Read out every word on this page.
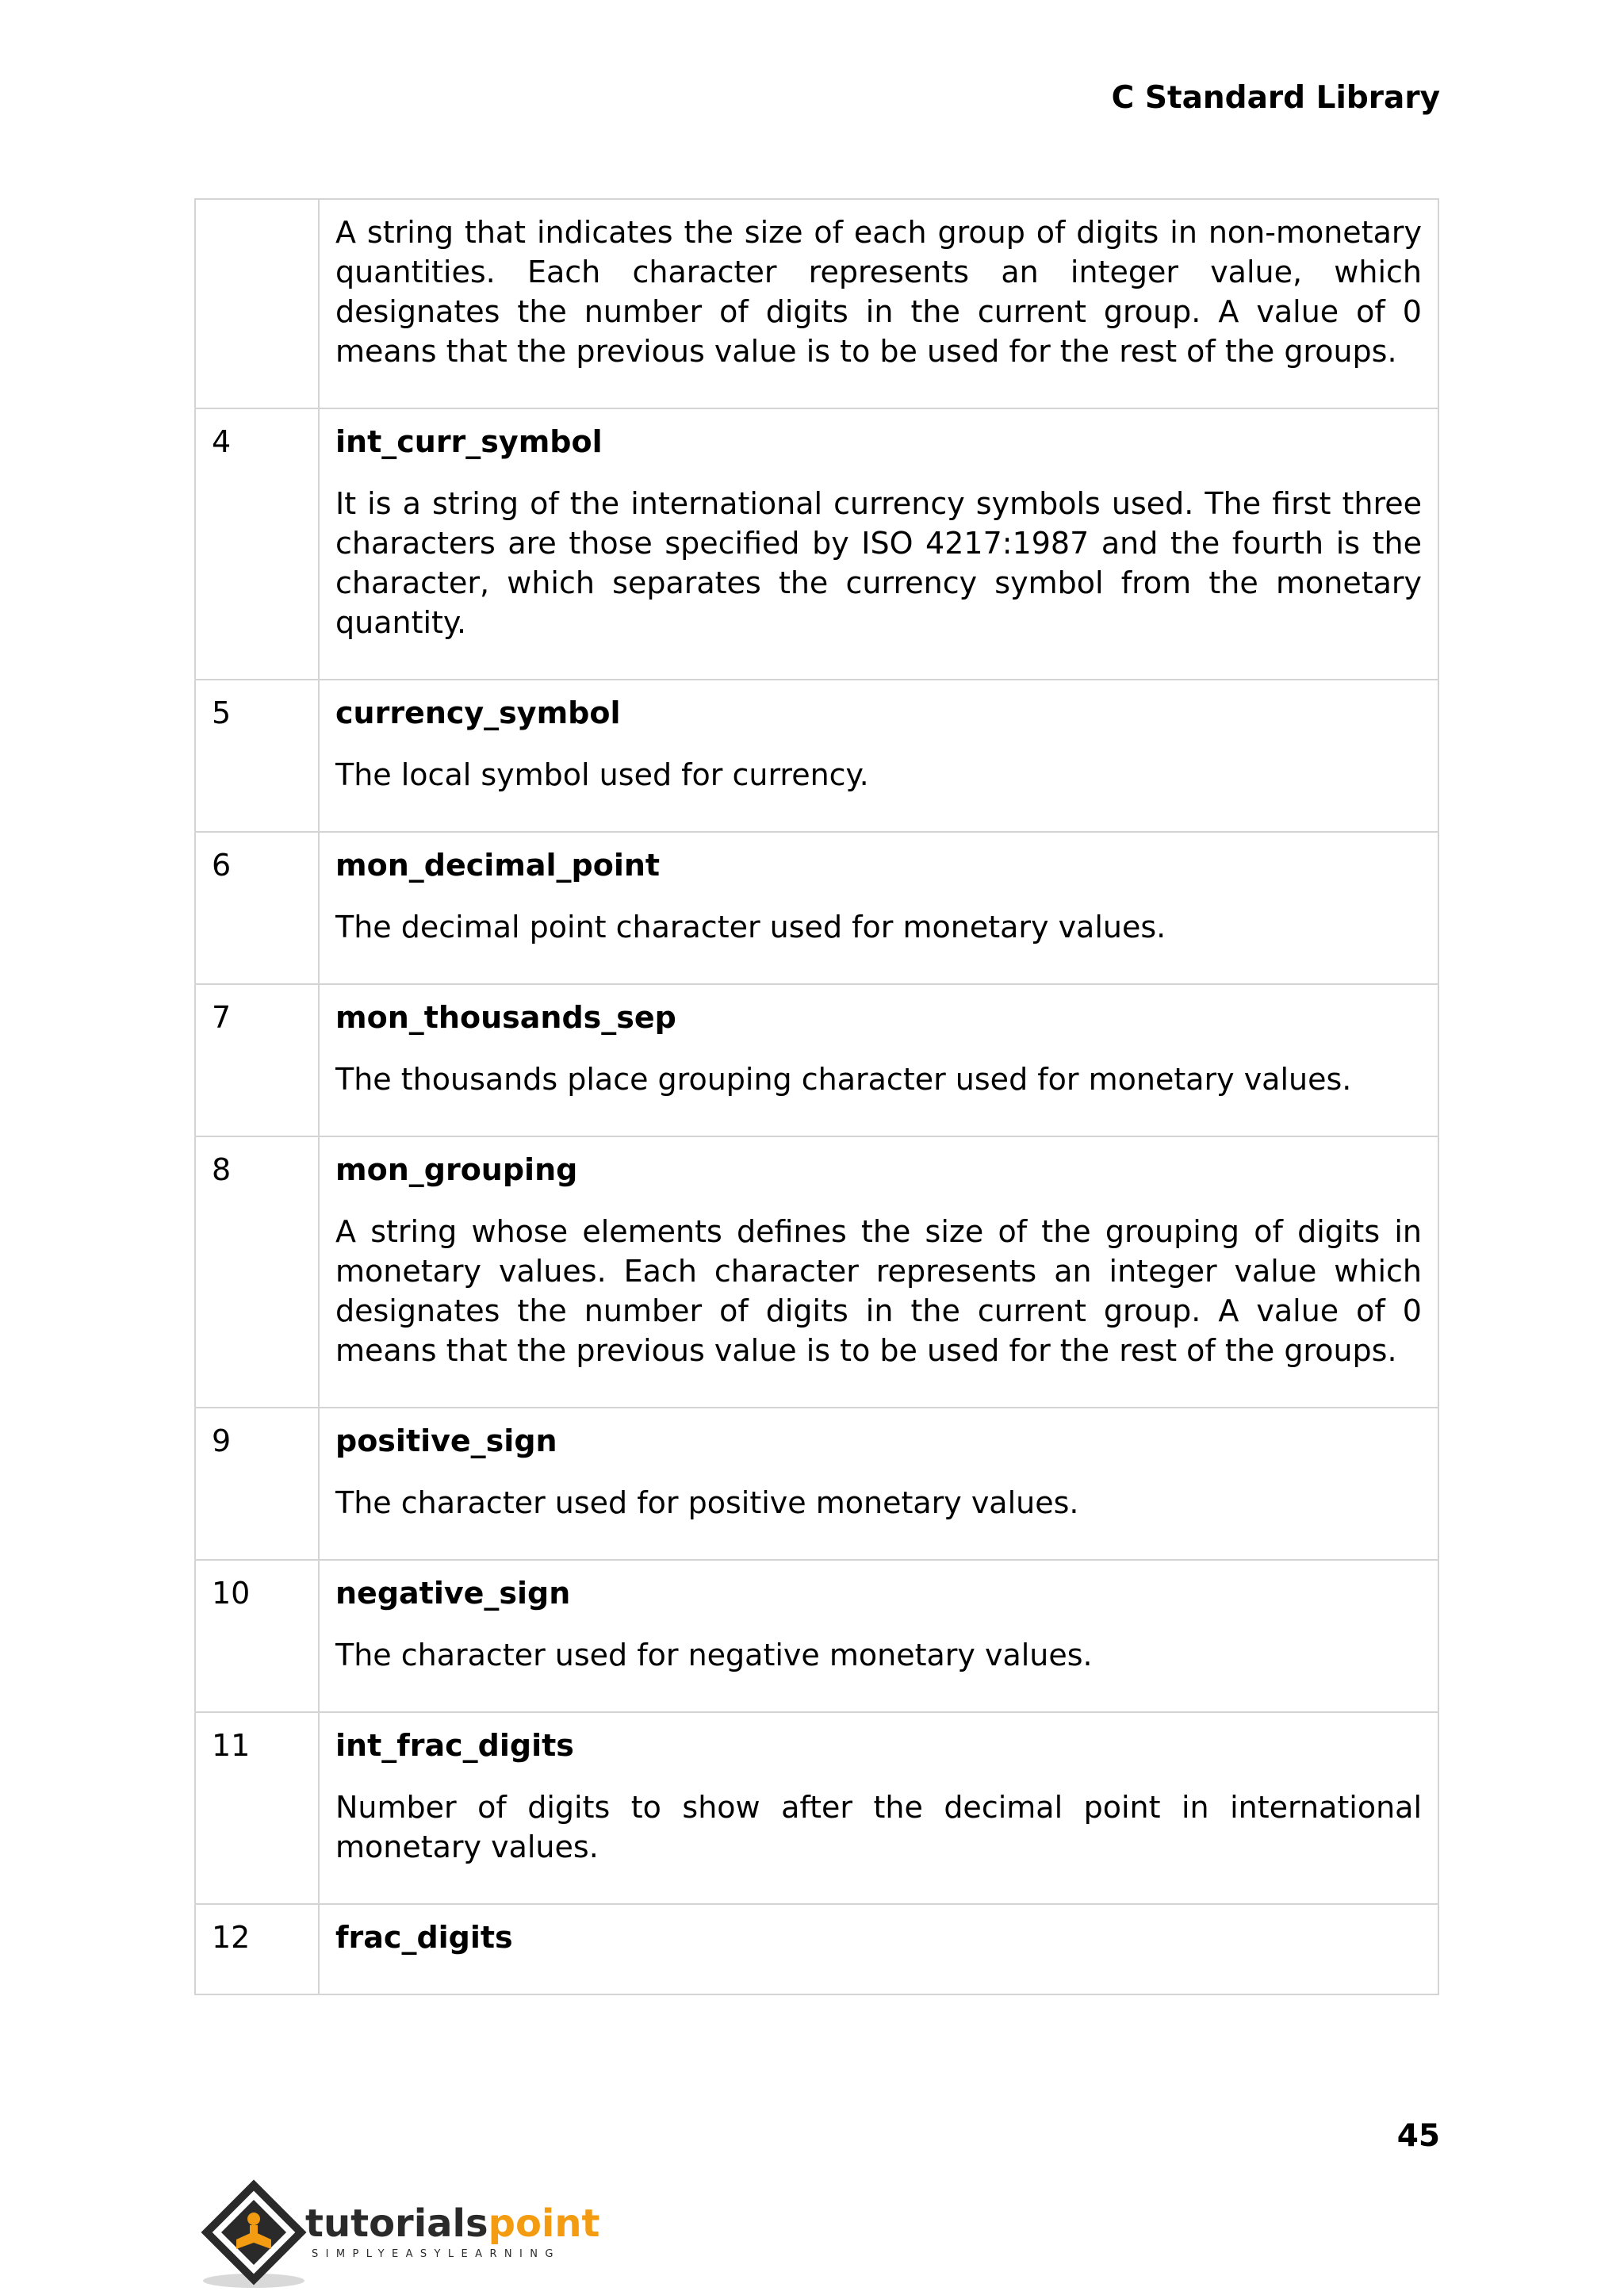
C Standard Library

	A string that indicates the size of each group of digits in non-monetary quantities. Each character represents an integer value, which designates the number of digits in the current group. A value of 0 means that the previous value is to be used for the rest of the groups.

4	int_curr_symbol

It is a string of the international currency symbols used. The first three characters are those specified by ISO 4217:1987 and the fourth is the character, which separates the currency symbol from the monetary quantity.

5	currency_symbol

The local symbol used for currency.

6	mon_decimal_point

The decimal point character used for monetary values.

7	mon_thousands_sep

The thousands place grouping character used for monetary values.

8	mon_grouping

A string whose elements defines the size of the grouping of digits in monetary values. Each character represents an integer value which designates the number of digits in the current group. A value of 0 means that the previous value is to be used for the rest of the groups.

9	positive_sign

The character used for positive monetary values.

10	negative_sign

The character used for negative monetary values.

11	int_frac_digits

Number of digits to show after the decimal point in international monetary values.

12	frac_digits
45
tutorialspoint
SIMPLYEASYLEARNING
